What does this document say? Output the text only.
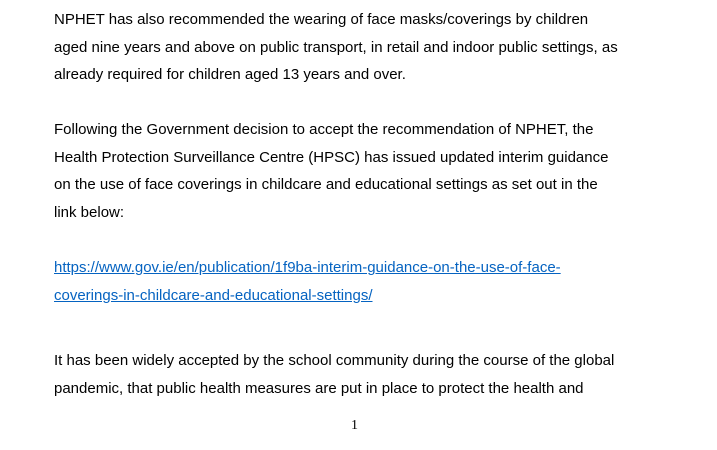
NPHET has also recommended the wearing of face masks/coverings by children
aged nine years and above on public transport, in retail and indoor public settings, as
already required for children aged 13 years and over.

Following the Government decision to accept the recommendation of NPHET, the
Health Protection Surveillance Centre (HPSC) has issued updated interim guidance
on the use of face coverings in childcare and educational settings as set out in the
link below:

https://www.gov.ie/en/publication/1f9ba-interim-guidance-on-the-use-of-face-
coverings-in-childcare-and-educational-settings/

It has been widely accepted by the school community during the course of the global
pandemic, that public health measures are put in place to protect the health and

1
